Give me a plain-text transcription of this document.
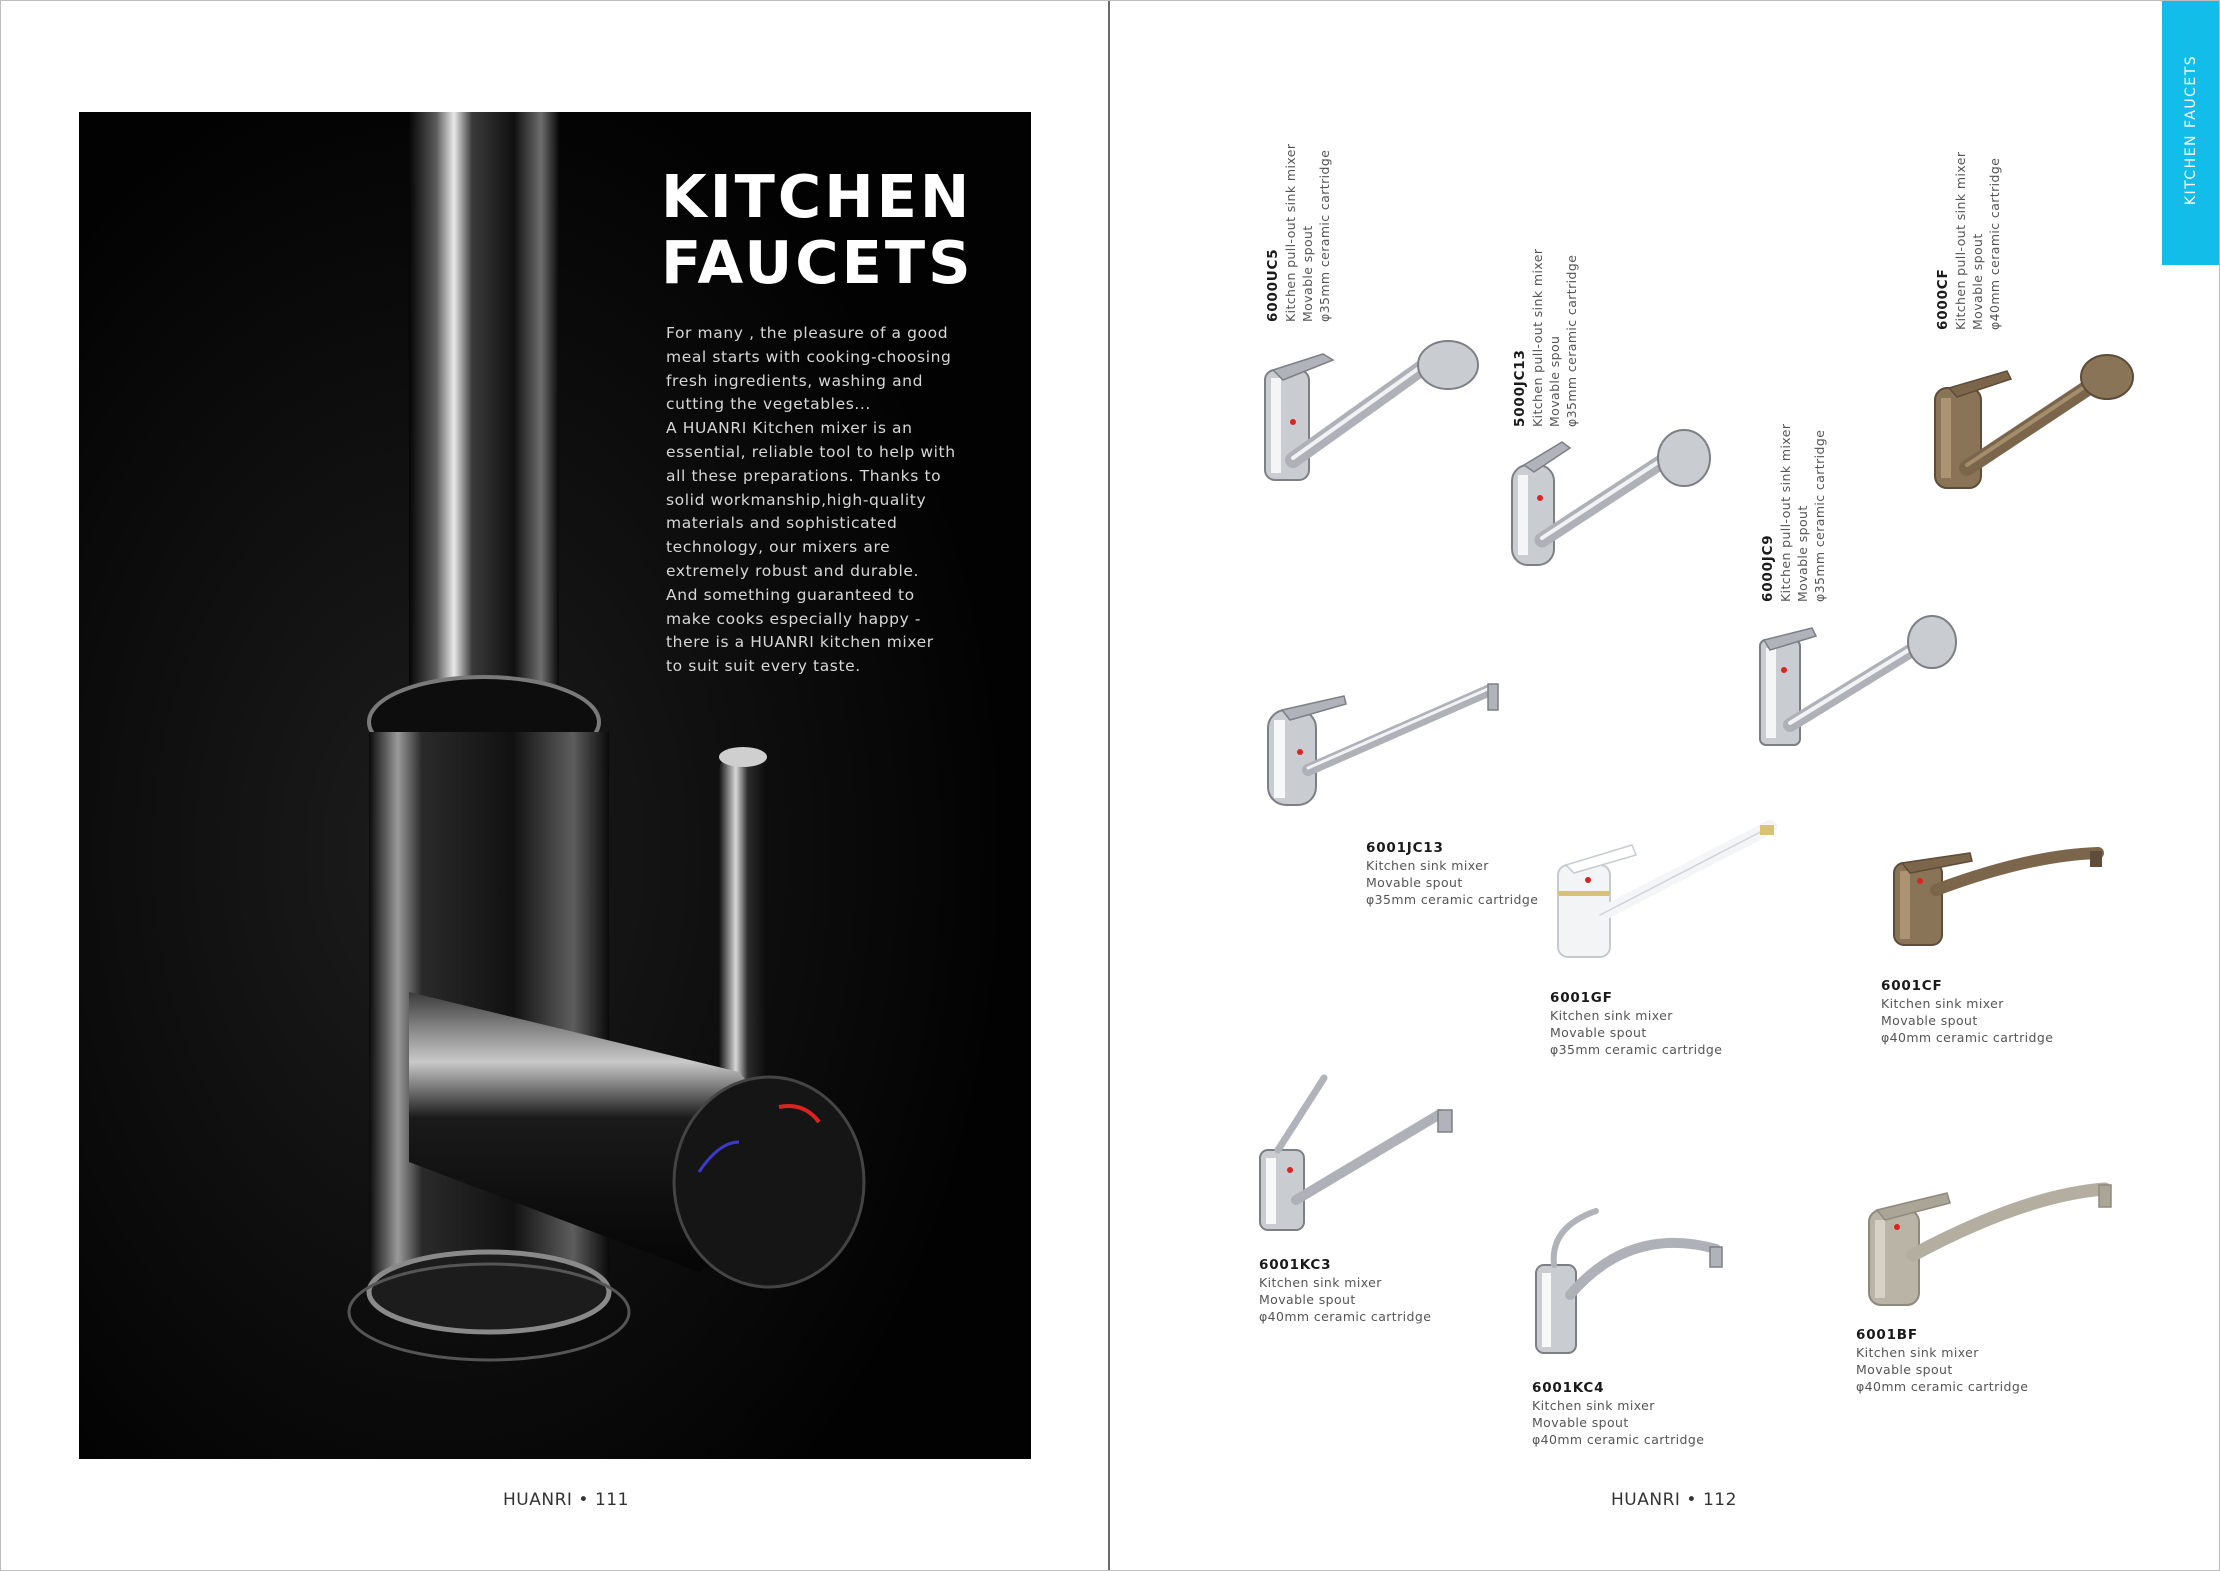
KITCHEN
FAUCETS

For many , the pleasure of a good

meal starts with cooking-choosing

fresh ingredients, washing and

cutting the vegetables...

A HUANRI Kitchen mixer is an

essential, reliable tool to help with

all these preparations. Thanks to

solid workmanship,high-quality

materials and sophisticated

technology, our mixers are

extremely robust and durable.

And something guaranteed to

make cooks especially happy -

there is a HUANRI kitchen mixer

to suit suit every taste.

HUANRI • 111
KITCHEN FAUCETS
6000UC5 Kitchen pull-out sink mixer Movable spout φ35mm ceramic cartridge
5000JC13 Kitchen pull-out sink mixer Movable spou φ35mm ceramic cartridge
6000JC9 Kitchen pull-out sink mixer Movable spout φ35mm ceramic cartridge
6000CF Kitchen pull-out sink mixer Movable spout φ40mm ceramic cartridge
6001JC13
Kitchen sink mixer
Movable spout
φ35mm ceramic cartridge
6001GF
Kitchen sink mixer
Movable spout
φ35mm ceramic cartridge
6001CF
Kitchen sink mixer
Movable spout
φ40mm ceramic cartridge
6001KC3
Kitchen sink mixer
Movable spout
φ40mm ceramic cartridge
6001KC4
Kitchen sink mixer
Movable spout
φ40mm ceramic cartridge
6001BF
Kitchen sink mixer
Movable spout
φ40mm ceramic cartridge
HUANRI • 112
